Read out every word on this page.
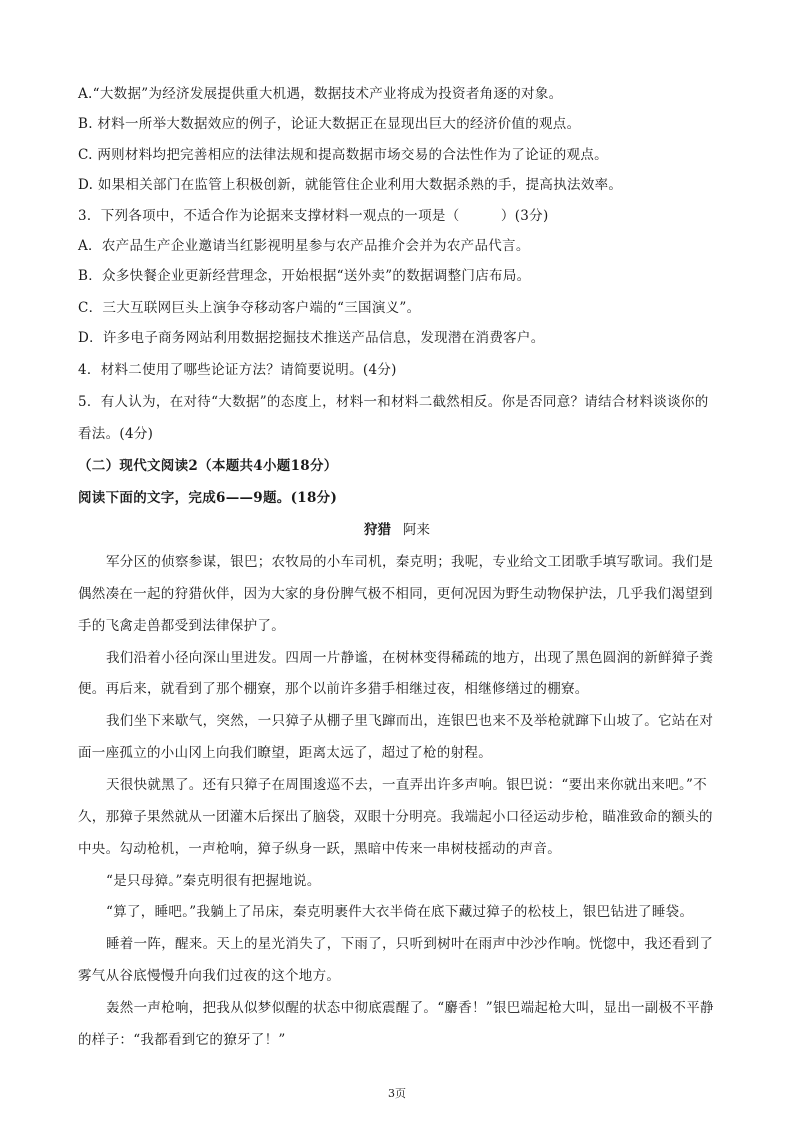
A.“大数据”为经济发展提供重大机遇，数据技术产业将成为投资者角逐的对象。
B. 材料一所举大数据效应的例子，论证大数据正在显现出巨大的经济价值的观点。
C. 两则材料均把完善相应的法律法规和提高数据市场交易的合法性作为了论证的观点。
D. 如果相关部门在监管上积极创新，就能管住企业利用大数据杀熟的手，提高执法效率。
3．下列各项中，不适合作为论据来支撑材料一观点的一项是（　　　）(3分)
A．农产品生产企业邀请当红影视明星参与农产品推介会并为农产品代言。
B．众多快餐企业更新经营理念，开始根据“送外卖”的数据调整门店布局。
C．三大互联网巨头上演争夺移动客户端的“三国演义”。
D．许多电子商务网站利用数据挖掘技术推送产品信息，发现潜在消费客户。
4．材料二使用了哪些论证方法？请简要说明。(4分)
5．有人认为，在对待“大数据”的态度上，材料一和材料二截然相反。你是否同意？请结合材料谈谈你的
看法。(4分)
（二）现代文阅读2（本题共4小题18分）
阅读下面的文字，完成6——9题。(18分)
狩猎 阿来
军分区的侦察参谋，银巴；农牧局的小车司机，秦克明；我呢，专业给文工团歌手填写歌词。我们是
偶然凑在一起的狩猎伙伴，因为大家的身份脾气极不相同，更何况因为野生动物保护法，几乎我们渴望到
手的飞禽走兽都受到法律保护了。
我们沿着小径向深山里进发。四周一片静谧，在树林变得稀疏的地方，出现了黑色圆润的新鲜獐子粪
便。再后来，就看到了那个棚寮，那个以前许多猎手相继过夜，相继修缮过的棚寮。
我们坐下来歇气，突然，一只獐子从棚子里飞蹿而出，连银巴也来不及举枪就蹿下山坡了。它站在对
面一座孤立的小山冈上向我们瞭望，距离太远了，超过了枪的射程。
天很快就黑了。还有只獐子在周围逡巡不去，一直弄出许多声响。银巴说：“要出来你就出来吧。”不
久，那獐子果然就从一团灌木后探出了脑袋，双眼十分明亮。我端起小口径运动步枪，瞄准致命的额头的
中央。勾动枪机，一声枪响，獐子纵身一跃，黑暗中传来一串树枝摇动的声音。
“是只母獐。”秦克明很有把握地说。
“算了，睡吧。”我躺上了吊床，秦克明裹件大衣半倚在底下藏过獐子的松枝上，银巴钻进了睡袋。
睡着一阵，醒来。天上的星光消失了，下雨了，只听到树叶在雨声中沙沙作响。恍惚中，我还看到了
雾气从谷底慢慢升向我们过夜的这个地方。
轰然一声枪响，把我从似梦似醒的状态中彻底震醒了。“麝香！”银巴端起枪大叫，显出一副极不平静
的样子：“我都看到它的獠牙了！”
3页
